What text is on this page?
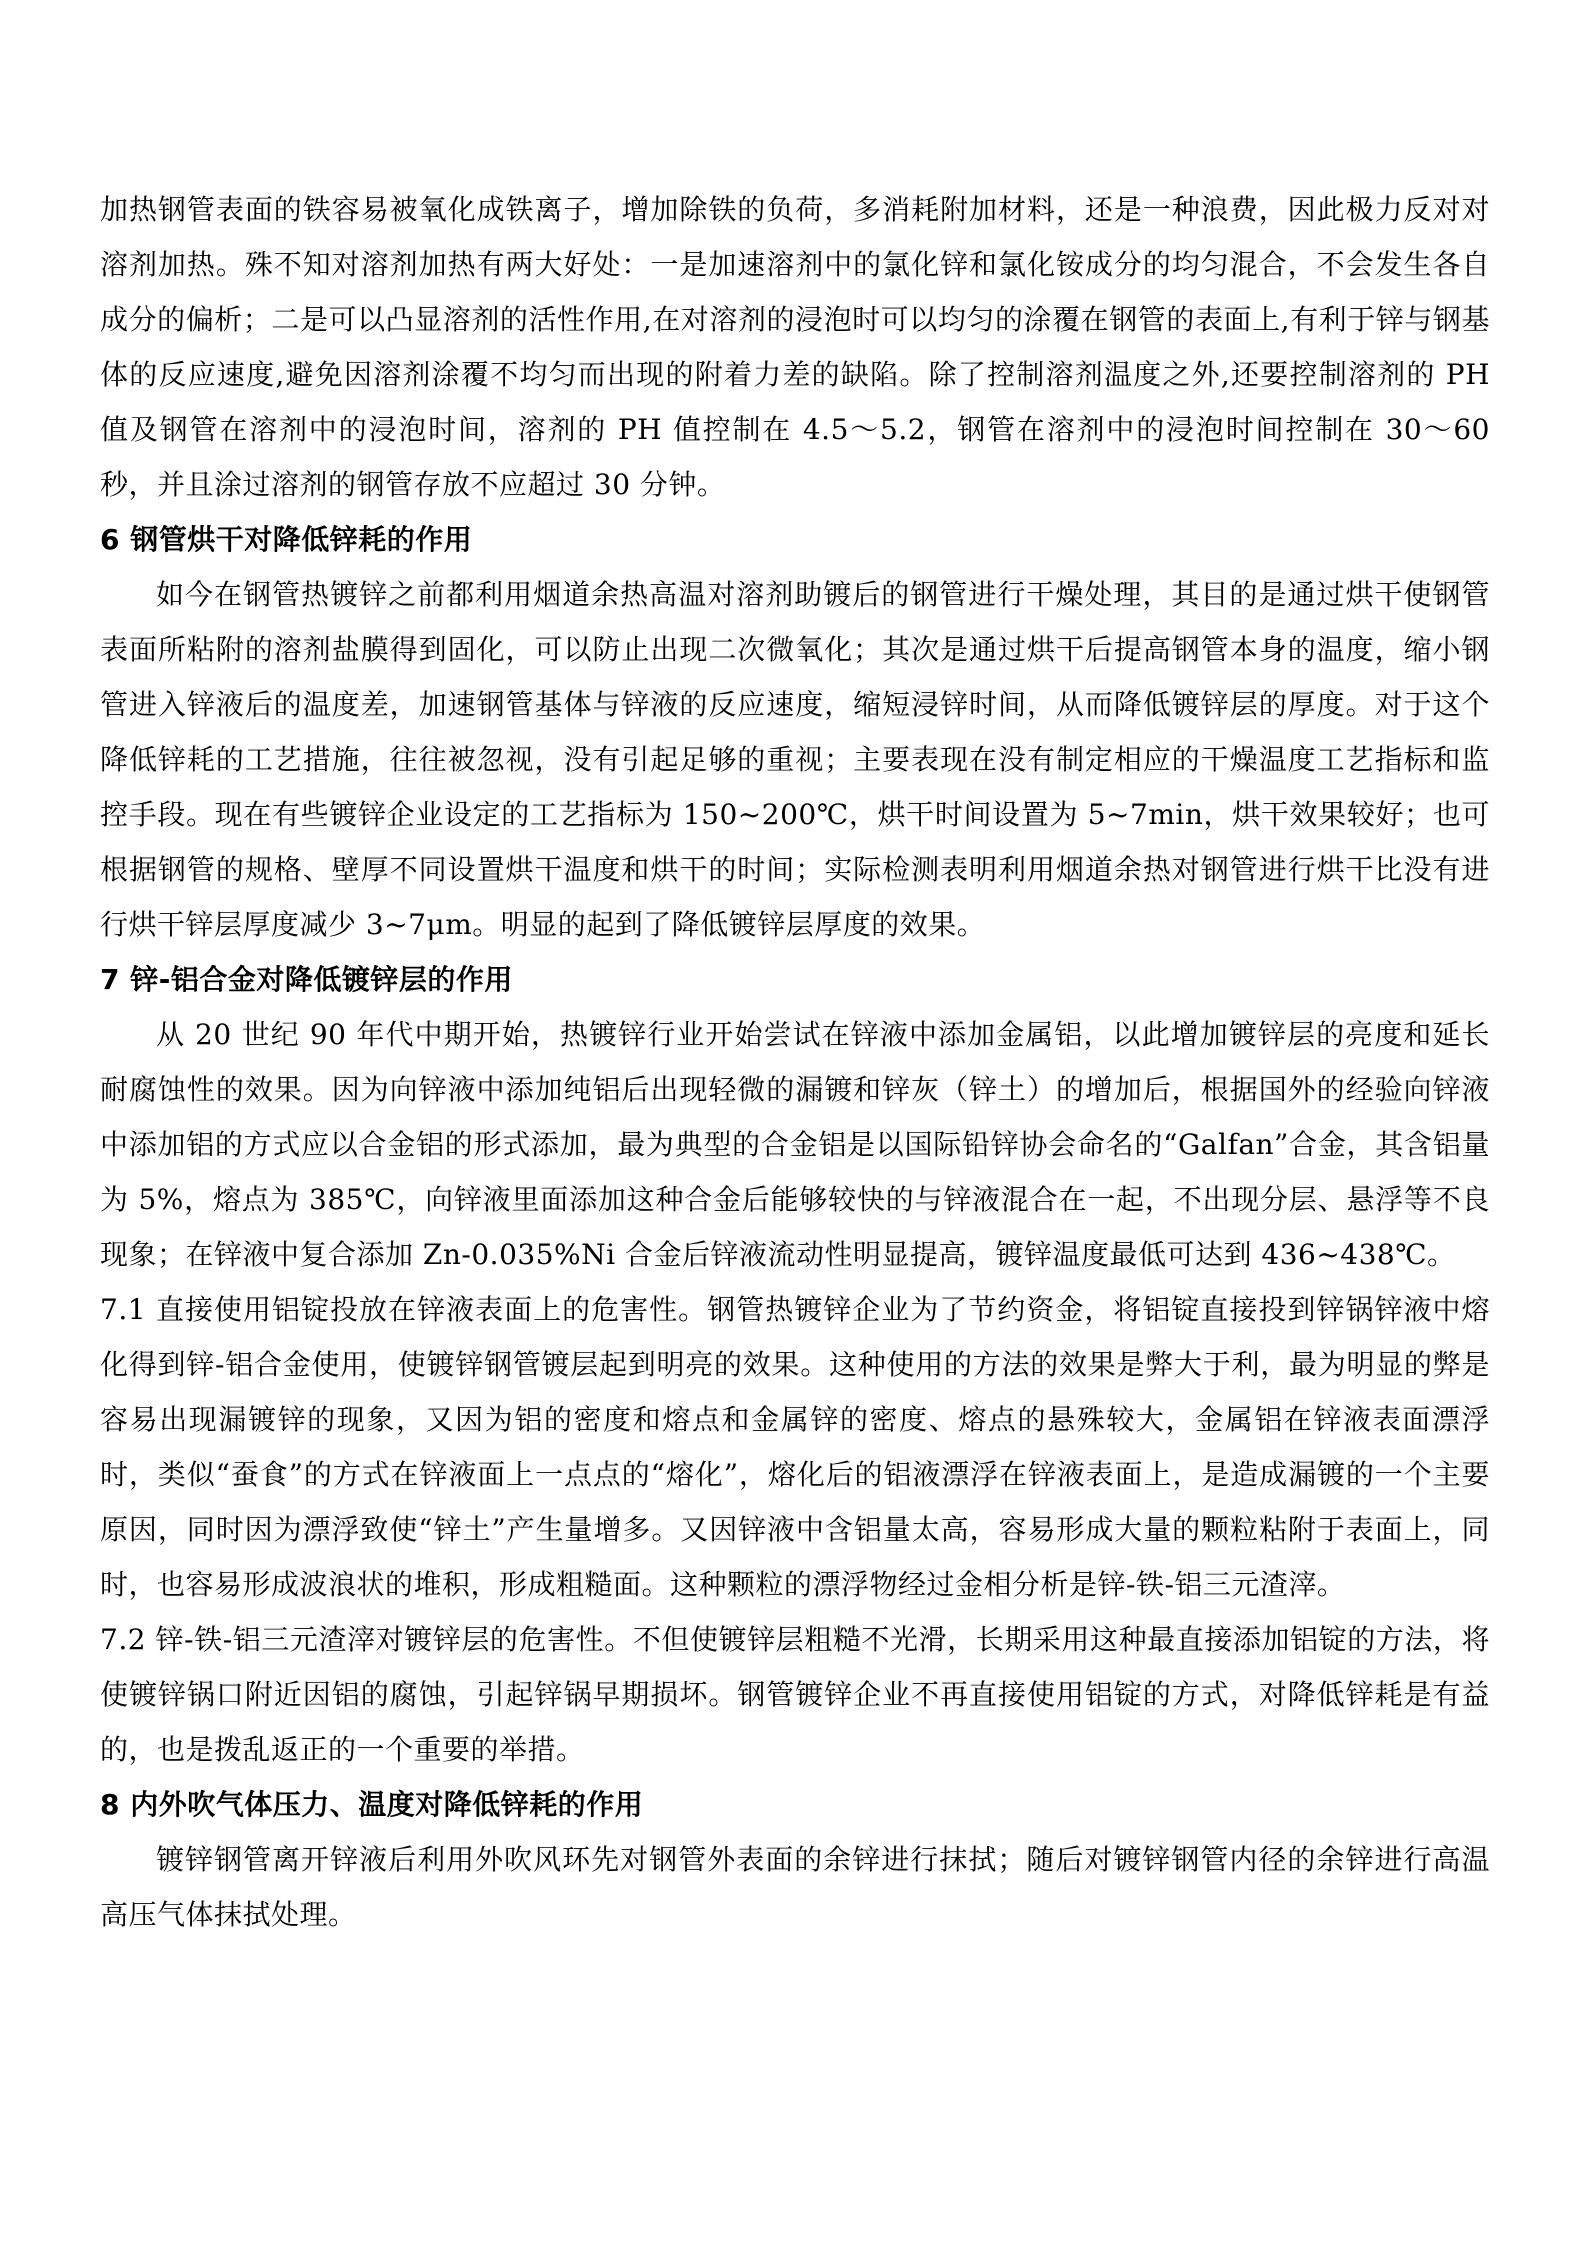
加热钢管表面的铁容易被氧化成铁离子，增加除铁的负荷，多消耗附加材料，还是一种浪费，因此极力反对对溶剂加热。殊不知对溶剂加热有两大好处：一是加速溶剂中的氯化锌和氯化铵成分的均匀混合，不会发生各自成分的偏析；二是可以凸显溶剂的活性作用,在对溶剂的浸泡时可以均匀的涂覆在钢管的表面上,有利于锌与钢基体的反应速度,避免因溶剂涂覆不均匀而出现的附着力差的缺陷。除了控制溶剂温度之外,还要控制溶剂的 PH 值及钢管在溶剂中的浸泡时间，溶剂的 PH 值控制在 4.5～5.2，钢管在溶剂中的浸泡时间控制在 30～60 秒，并且涂过溶剂的钢管存放不应超过 30 分钟。

6 钢管烘干对降低锌耗的作用

如今在钢管热镀锌之前都利用烟道余热高温对溶剂助镀后的钢管进行干燥处理，其目的是通过烘干使钢管表面所粘附的溶剂盐膜得到固化，可以防止出现二次微氧化；其次是通过烘干后提高钢管本身的温度，缩小钢管进入锌液后的温度差，加速钢管基体与锌液的反应速度，缩短浸锌时间，从而降低镀锌层的厚度。对于这个降低锌耗的工艺措施，往往被忽视，没有引起足够的重视；主要表现在没有制定相应的干燥温度工艺指标和监控手段。现在有些镀锌企业设定的工艺指标为 150~200℃，烘干时间设置为 5~7min，烘干效果较好；也可根据钢管的规格、壁厚不同设置烘干温度和烘干的时间；实际检测表明利用烟道余热对钢管进行烘干比没有进行烘干锌层厚度减少 3~7μm。明显的起到了降低镀锌层厚度的效果。

7 锌-铝合金对降低镀锌层的作用

从 20 世纪 90 年代中期开始，热镀锌行业开始尝试在锌液中添加金属铝，以此增加镀锌层的亮度和延长耐腐蚀性的效果。因为向锌液中添加纯铝后出现轻微的漏镀和锌灰（锌土）的增加后，根据国外的经验向锌液中添加铝的方式应以合金铝的形式添加，最为典型的合金铝是以国际铅锌协会命名的“Galfan”合金，其含铝量为 5%，熔点为 385℃，向锌液里面添加这种合金后能够较快的与锌液混合在一起，不出现分层、悬浮等不良现象；在锌液中复合添加 Zn-0.035%Ni 合金后锌液流动性明显提高，镀锌温度最低可达到 436~438℃。

7.1 直接使用铝锭投放在锌液表面上的危害性。钢管热镀锌企业为了节约资金，将铝锭直接投到锌锅锌液中熔化得到锌-铝合金使用，使镀锌钢管镀层起到明亮的效果。这种使用的方法的效果是弊大于利，最为明显的弊是容易出现漏镀锌的现象，又因为铝的密度和熔点和金属锌的密度、熔点的悬殊较大，金属铝在锌液表面漂浮时，类似“蚕食”的方式在锌液面上一点点的“熔化”，熔化后的铝液漂浮在锌液表面上，是造成漏镀的一个主要原因，同时因为漂浮致使“锌土”产生量增多。又因锌液中含铝量太高，容易形成大量的颗粒粘附于表面上，同时，也容易形成波浪状的堆积，形成粗糙面。这种颗粒的漂浮物经过金相分析是锌-铁-铝三元渣滓。

7.2 锌-铁-铝三元渣滓对镀锌层的危害性。不但使镀锌层粗糙不光滑，长期采用这种最直接添加铝锭的方法，将使镀锌锅口附近因铝的腐蚀，引起锌锅早期损坏。钢管镀锌企业不再直接使用铝锭的方式，对降低锌耗是有益的，也是拨乱返正的一个重要的举措。

8 内外吹气体压力、温度对降低锌耗的作用

镀锌钢管离开锌液后利用外吹风环先对钢管外表面的余锌进行抹拭；随后对镀锌钢管内径的余锌进行高温高压气体抹拭处理。
